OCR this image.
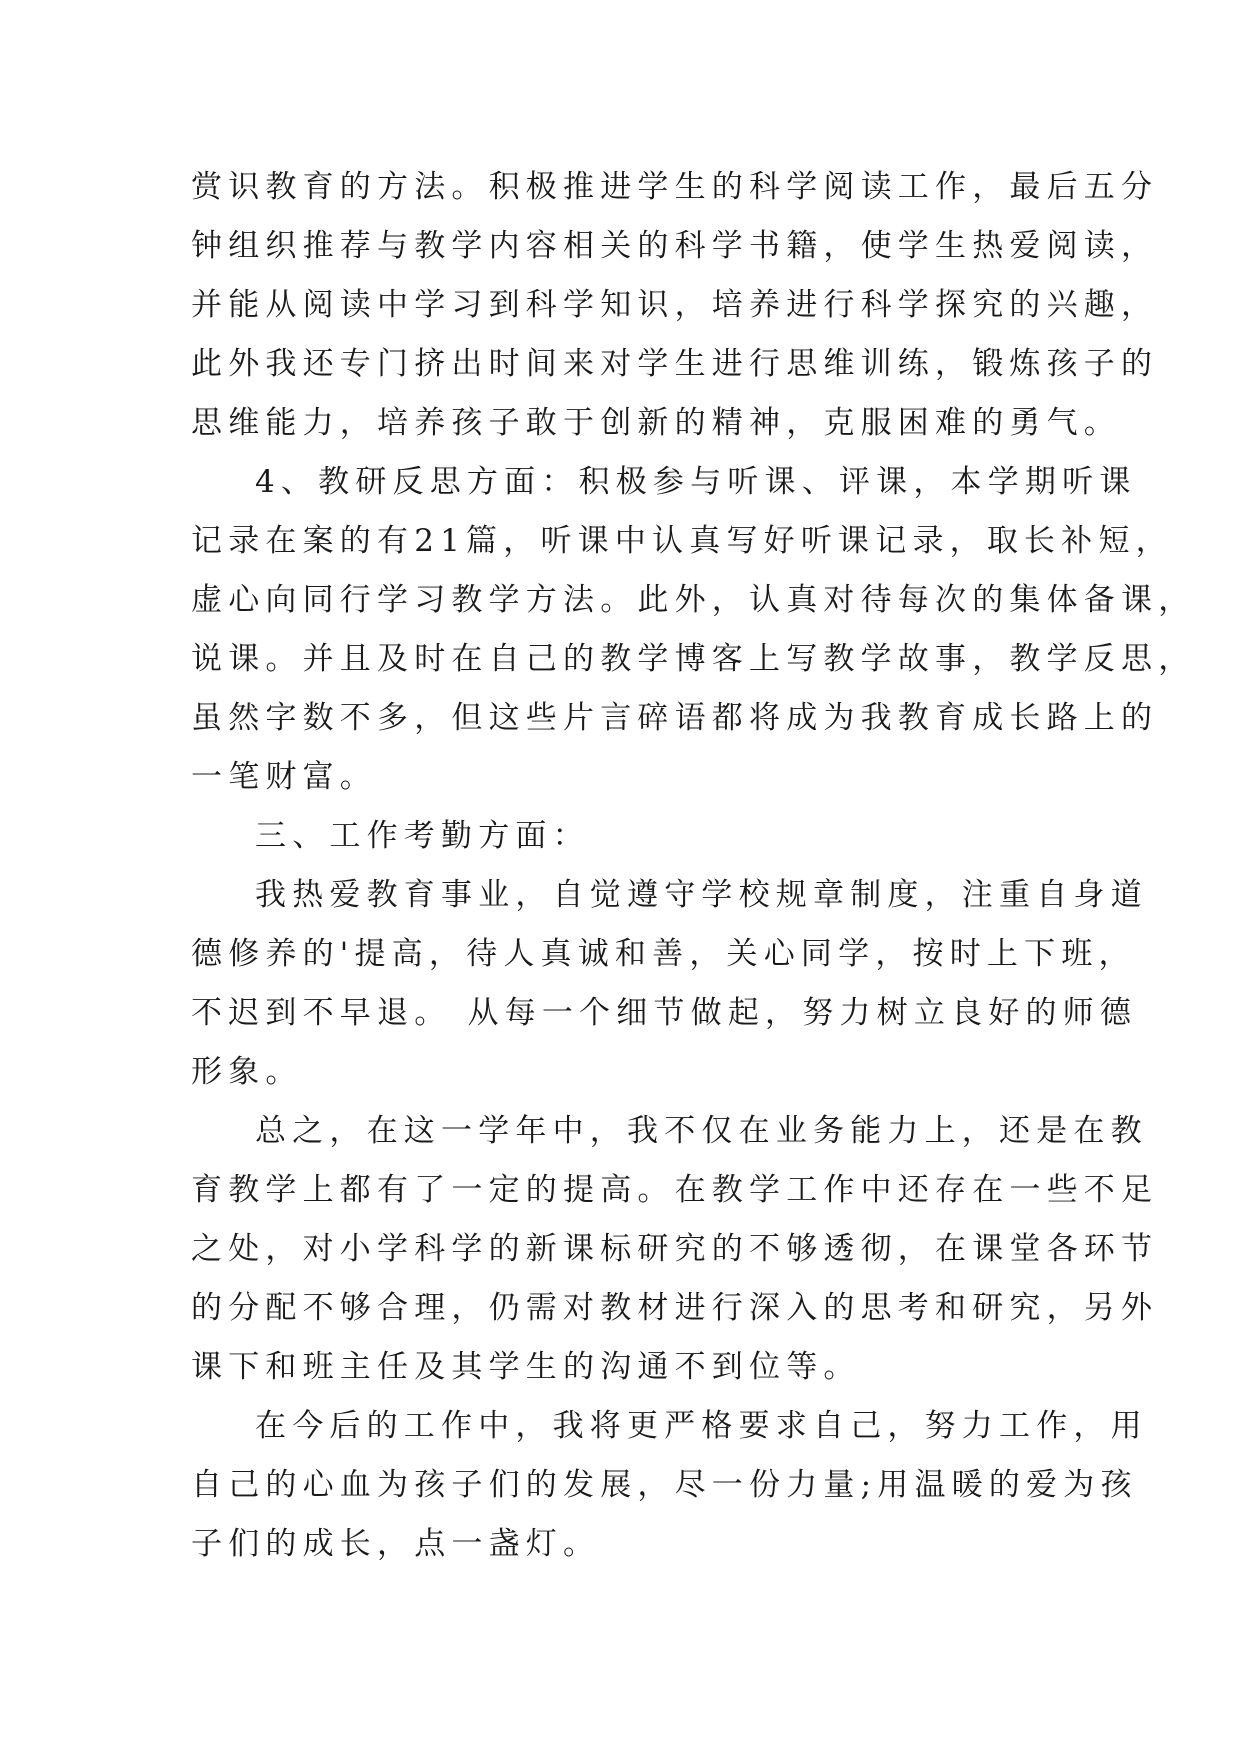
赏识教育的方法。积极推进学生的科学阅读工作，最后五分
钟组织推荐与教学内容相关的科学书籍，使学生热爱阅读，
并能从阅读中学习到科学知识，培养进行科学探究的兴趣，
此外我还专门挤出时间来对学生进行思维训练，锻炼孩子的
思维能力，培养孩子敢于创新的精神，克服困难的勇气。
4、教研反思方面：积极参与听课、评课，本学期听课
记录在案的有21篇，听课中认真写好听课记录，取长补短，
虚心向同行学习教学方法。此外，认真对待每次的集体备课，
说课。并且及时在自己的教学博客上写教学故事，教学反思，
虽然字数不多，但这些片言碎语都将成为我教育成长路上的
一笔财富。
三、工作考勤方面：
我热爱教育事业，自觉遵守学校规章制度，注重自身道
德修养的'提高，待人真诚和善，关心同学，按时上下班，
不迟到不早退。 从每一个细节做起，努力树立良好的师德
形象。
总之，在这一学年中，我不仅在业务能力上，还是在教
育教学上都有了一定的提高。在教学工作中还存在一些不足
之处，对小学科学的新课标研究的不够透彻，在课堂各环节
的分配不够合理，仍需对教材进行深入的思考和研究，另外
课下和班主任及其学生的沟通不到位等。
在今后的工作中，我将更严格要求自己，努力工作，用
自己的心血为孩子们的发展，尽一份力量;用温暖的爱为孩
子们的成长，点一盏灯。
